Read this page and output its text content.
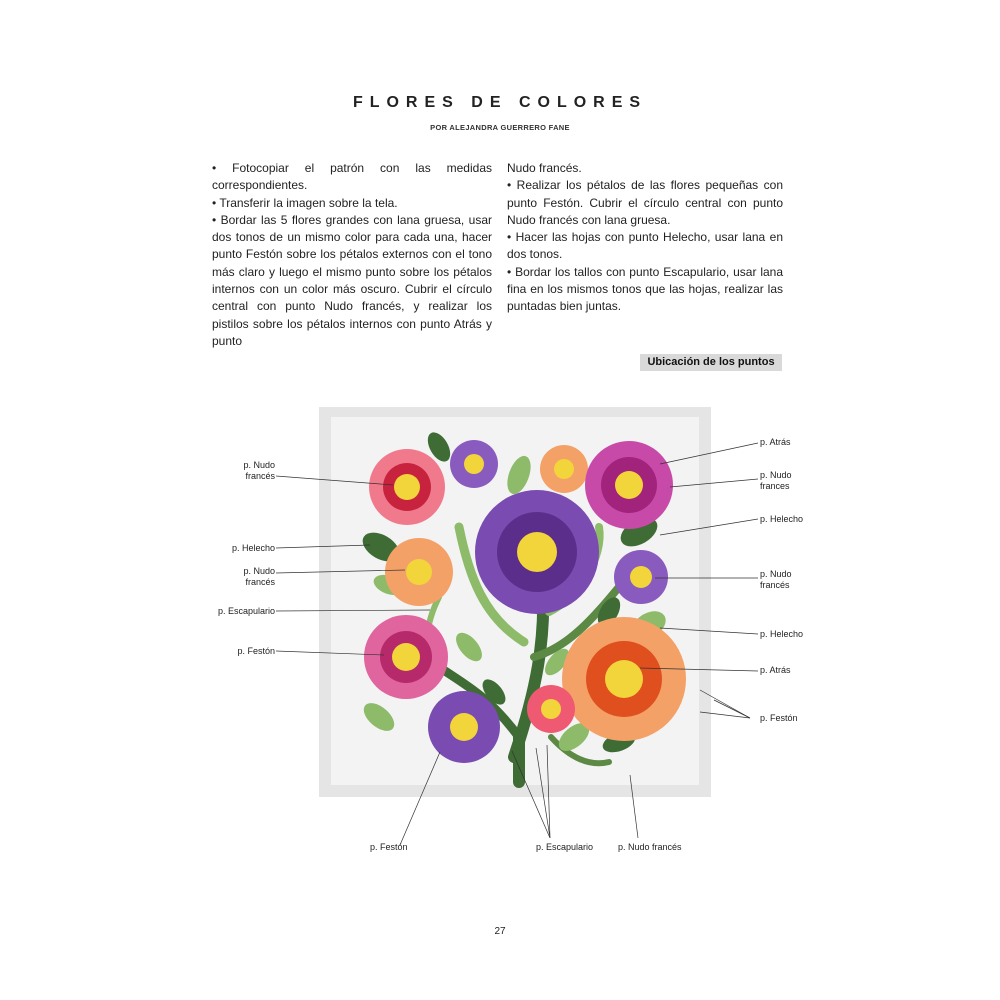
FLORES DE COLORES
POR ALEJANDRA GUERRERO FANE

• Fotocopiar el patrón con las medidas correspondientes.

• Transferir la imagen sobre la tela.

• Bordar las 5 flores grandes con lana gruesa, usar dos tonos de un mismo color para cada una, hacer punto Festón sobre los pétalos externos con el tono más claro y luego el mismo punto sobre los pétalos internos con un color más oscuro. Cubrir el círculo central con punto Nudo francés, y realizar los pistilos sobre los pétalos internos con punto Atrás y punto

Nudo francés.

• Realizar los pétalos de las flores pequeñas con punto Festón. Cubrir el círculo central con punto Nudo francés con lana gruesa.

• Hacer las hojas con punto Helecho, usar lana en dos tonos.

• Bordar los tallos con punto Escapulario, usar lana fina en los mismos tonos que las hojas, realizar las puntadas bien juntas.

Ubicación de los puntos
p. Nudo
francés
p. Helecho
p. Nudo
francés
p. Escapulario
p. Festón
p. Atrás
p. Nudo
frances
p. Helecho
p. Nudo
francés
p. Helecho
p. Atrás
p. Festón
p. Festón	p. Escapulario	p. Nudo francés
27
